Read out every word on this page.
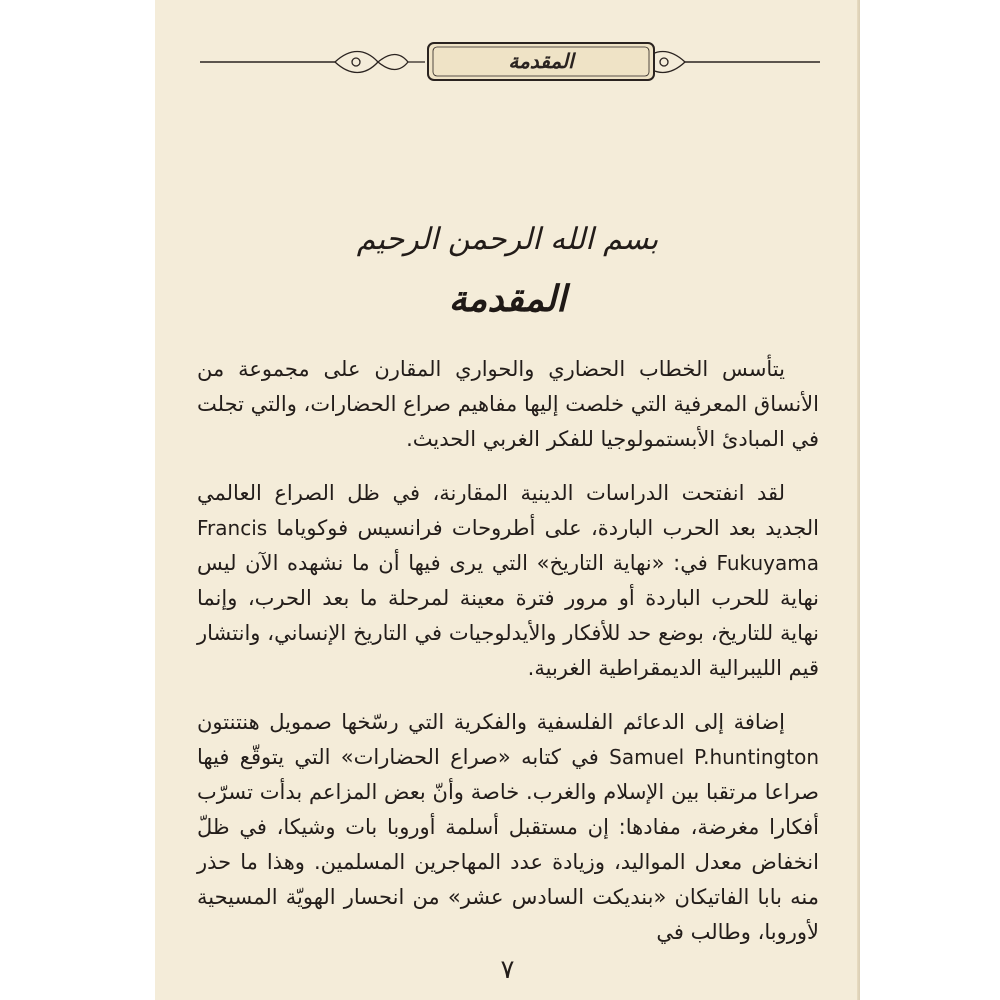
المقدمة
بسم الله الرحمن الرحيم
المقدمة

يتأسس الخطاب الحضاري والحواري المقارن على مجموعة من الأنساق المعرفية التي خلصت إليها مفاهيم صراع الحضارات، والتي تجلت في المبادئ الأبستمولوجيا للفكر الغربي الحديث.

لقد انفتحت الدراسات الدينية المقارنة، في ظل الصراع العالمي الجديد بعد الحرب الباردة، على أطروحات فرانسيس فوكوياما Francis Fukuyama في: «نهاية التاريخ» التي يرى فيها أن ما نشهده الآن ليس نهاية للحرب الباردة أو مرور فترة معينة لمرحلة ما بعد الحرب، وإنما نهاية للتاريخ، بوضع حد للأفكار والأيدلوجيات في التاريخ الإنساني، وانتشار قيم الليبرالية الديمقراطية الغربية.

إضافة إلى الدعائم الفلسفية والفكرية التي رسّخها صمويل هنتنتون Samuel P.huntington في كتابه «صراع الحضارات» التي يتوقّع فيها صراعا مرتقبا بين الإسلام والغرب. خاصة وأنّ بعض المزاعم بدأت تسرّب أفكارا مغرضة، مفادها: إن مستقبل أسلمة أوروبا بات وشيكا، في ظلّ انخفاض معدل المواليد، وزيادة عدد المهاجرين المسلمين. وهذا ما حذر منه بابا الفاتيكان «بنديكت السادس عشر» من انحسار الهويّة المسيحية لأوروبا، وطالب في

٧
